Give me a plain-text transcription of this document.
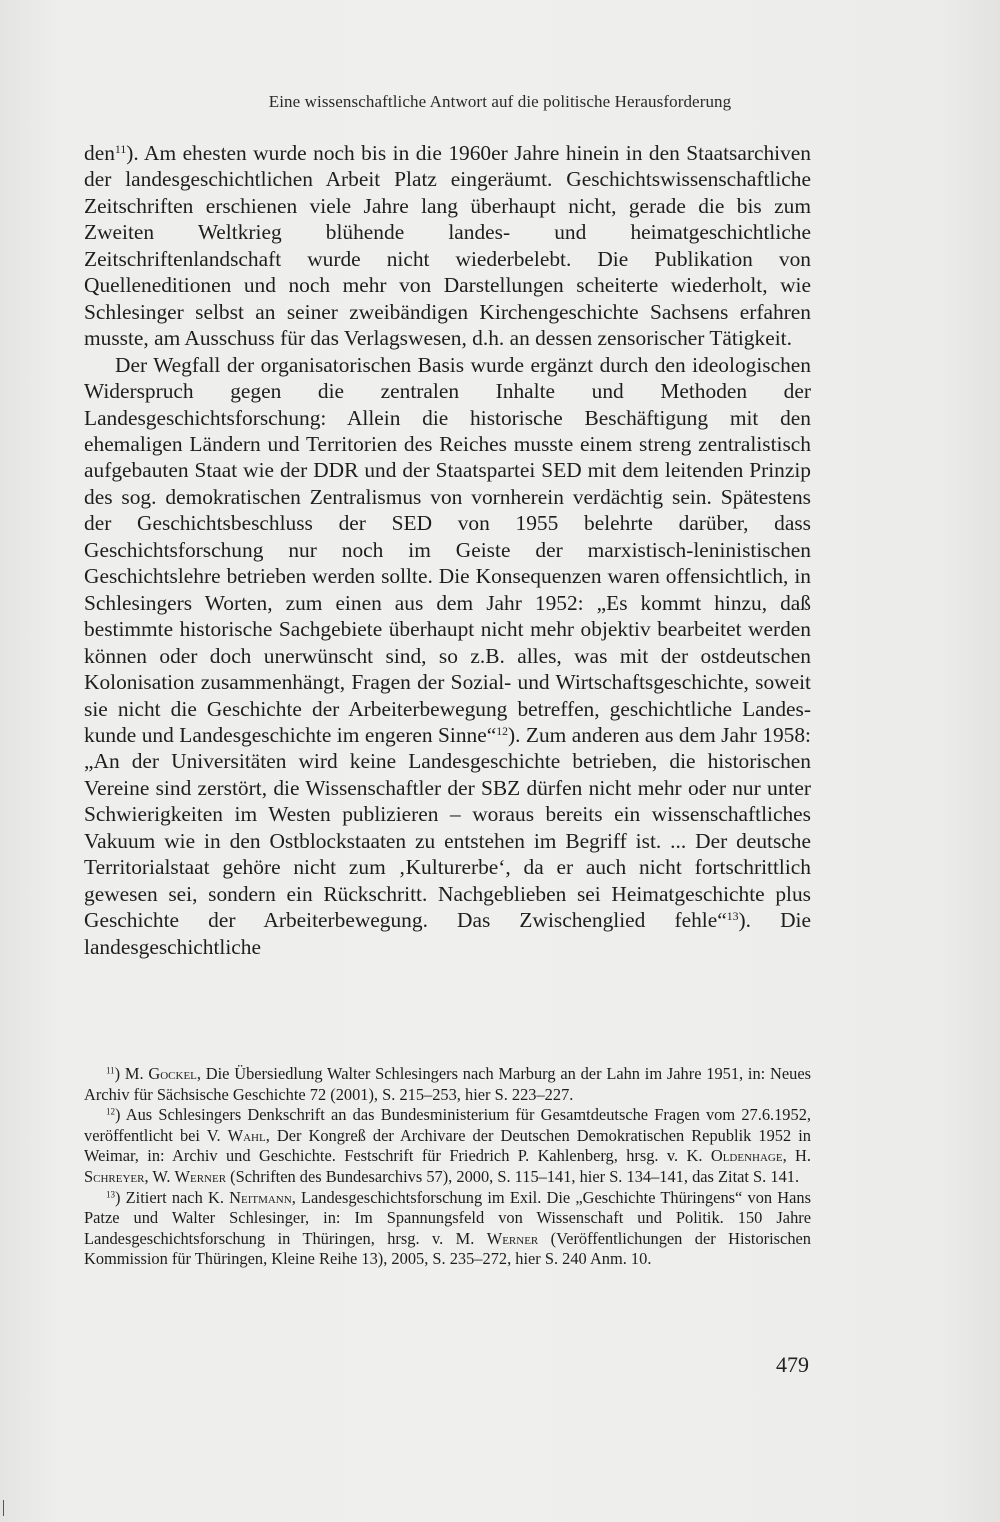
Eine wissenschaftliche Antwort auf die politische Herausforderung

den$^{11}$). Am ehesten wurde noch bis in die 1960er Jahre hinein in den Staatsarchiven der landesgeschichtlichen Arbeit Platz eingeräumt. Geschichtswissenschaftliche Zeitschriften erschienen viele Jahre lang überhaupt nicht, gerade die bis zum Zweiten Weltkrieg blühende landes- und heimatgeschichtliche Zeitschriftenlandschaft wurde nicht wiederbelebt. Die Publikation von Quelleneditionen und noch mehr von Darstellungen scheiterte wiederholt, wie Schlesinger selbst an seiner zweibändigen Kirchengeschichte Sachsens erfahren musste, am Ausschuss für das Verlagswesen, d.h. an dessen zensorischer Tätigkeit.

Der Wegfall der organisatorischen Basis wurde ergänzt durch den ideologischen Widerspruch gegen die zentralen Inhalte und Methoden der Landesgeschichtsforschung: Allein die historische Beschäftigung mit den ehemaligen Ländern und Territorien des Reiches musste einem streng zentralistisch aufgebauten Staat wie der DDR und der Staatspartei SED mit dem leitenden Prinzip des sog. demokratischen Zentralismus von vornherein verdächtig sein. Spätestens der Geschichtsbeschluss der SED von 1955 belehrte darüber, dass Geschichtsforschung nur noch im Geiste der marxistisch-leninistischen Geschichtslehre betrieben werden sollte. Die Konsequenzen waren offensichtlich, in Schlesingers Worten, zum einen aus dem Jahr 1952: „Es kommt hinzu, daß bestimmte historische Sachgebiete überhaupt nicht mehr objektiv bearbeitet werden können oder doch unerwünscht sind, so z.B. alles, was mit der ostdeutschen Kolonisation zusammenhängt, Fragen der Sozial- und Wirtschaftsgeschichte, soweit sie nicht die Geschichte der Arbeiterbewegung betreffen, geschichtliche Landeskunde und Landesgeschichte im engeren Sinne“$^{12}$). Zum anderen aus dem Jahr 1958: „An der Universitäten wird keine Landesgeschichte betrieben, die historischen Vereine sind zerstört, die Wissenschaftler der SBZ dürfen nicht mehr oder nur unter Schwierigkeiten im Westen publizieren – woraus bereits ein wissenschaftliches Vakuum wie in den Ostblockstaaten zu entstehen im Begriff ist. ... Der deutsche Territorialstaat gehöre nicht zum ‚Kulturerbe‘, da er auch nicht fortschrittlich gewesen sei, sondern ein Rückschritt. Nachgeblieben sei Heimatgeschichte plus Geschichte der Arbeiterbewegung. Das Zwischenglied fehle“$^{13}$). Die landesgeschichtliche

$^{11}$) M. Gockel, Die Übersiedlung Walter Schlesingers nach Marburg an der Lahn im Jahre 1951, in: Neues Archiv für Sächsische Geschichte 72 (2001), S. 215–253, hier S. 223–227.

$^{12}$) Aus Schlesingers Denkschrift an das Bundesministerium für Gesamtdeutsche Fragen vom 27.6.1952, veröffentlicht bei V. Wahl, Der Kongreß der Archivare der Deutschen Demokratischen Republik 1952 in Weimar, in: Archiv und Geschichte. Festschrift für Friedrich P. Kahlenberg, hrsg. v. K. Oldenhage, H. Schreyer, W. Werner (Schriften des Bundesarchivs 57), 2000, S. 115–141, hier S. 134–141, das Zitat S. 141.

$^{13}$) Zitiert nach K. Neitmann, Landesgeschichtsforschung im Exil. Die „Geschichte Thüringens“ von Hans Patze und Walter Schlesinger, in: Im Spannungsfeld von Wissenschaft und Politik. 150 Jahre Landesgeschichtsforschung in Thüringen, hrsg. v. M. Werner (Veröffentlichungen der Historischen Kommission für Thüringen, Kleine Reihe 13), 2005, S. 235–272, hier S. 240 Anm. 10.

479
